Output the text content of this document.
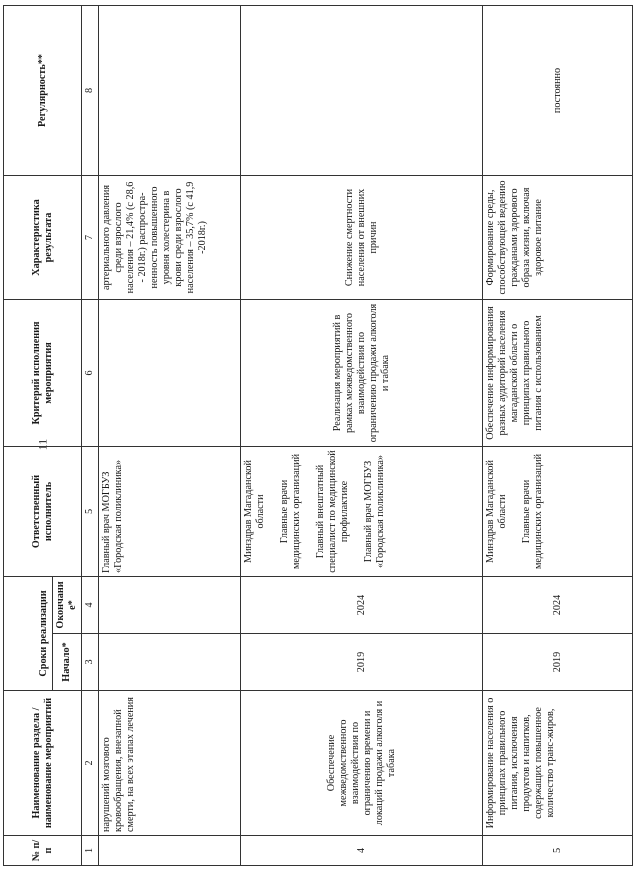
11
№ п/п	Наименование раздела /наименование мероприятий	Сроки реализации		Ответственный исполнитель	Критерий исполнения мероприятия	Характеристика результата	Регулярность**
		Начало*	Окончание*				
1	2	3	4	5	6	7	8
	нарушений мозгового кровообращения, внезапной смерти, на всех этапах лечения			Главный врач МОГБУЗ «Городская поликлиника»		артериального давления среди взрослого населения – 21,4% (с 28,6 - 2018г.) распростра-ненность повышенного уровня холестерина в крови среди взрослого населения – 35,7% (с 41,9 -2018г.)	
4	Обеспечение межведомственного взаимодействия по ограничению времени и локаций продажи алкоголя и табака	2019	2024	Минздрав Магаданской области Главные врачи медицинских организаций Главный внештатный специалист по медицинской профилактике Главный врач МОГБУЗ «Городская поликлиника»	Реализация мероприятий в рамках межведомственного взаимодействия по ограничению продажи алкоголя и табака	Снижение смертности населения от внешних причин	
5	Информирование населения о принципах правильного питания, исключения продуктов и напитков, содержащих повышенное количество транс-жиров,	2019	2024	Минздрав Магаданской области Главные врачи медицинских организаций	Обеспечение информирования разных аудиторий населения магаданской области о принципах правильного питания с использованием	Формирование среды, способствующей ведению гражданами здорового образа жизни, включая здоровое питание	постоянно
